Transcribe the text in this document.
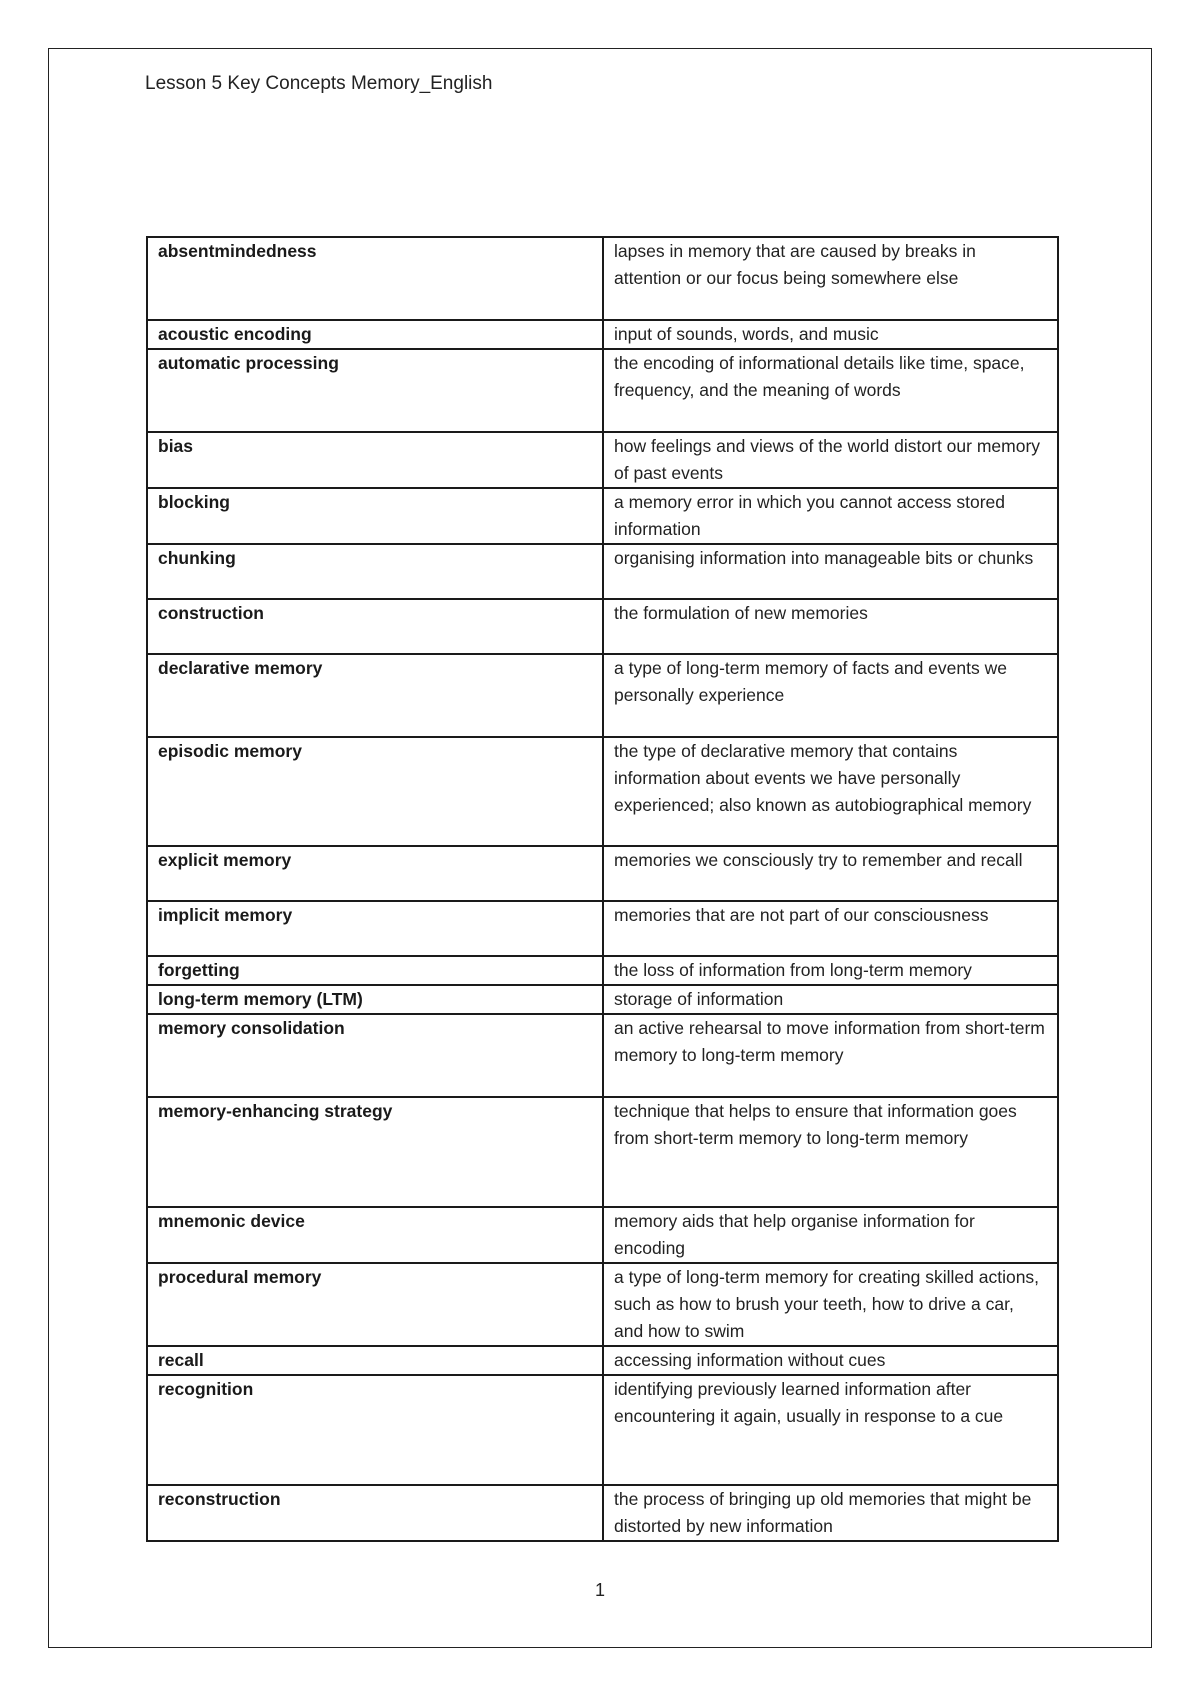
Lesson 5 Key Concepts Memory_English
absentmindedness	lapses in memory that are caused by breaks in attention or our focus being somewhere else
acoustic encoding	input of sounds, words, and music
automatic processing	the encoding of informational details like time, space, frequency, and the meaning of words
bias	how feelings and views of the world distort our memory of past events
blocking	a memory error in which you cannot access stored information
chunking	organising information into manageable bits or chunks
construction	the formulation of new memories
declarative memory	a type of long-term memory of facts and events we personally experience
episodic memory	the type of declarative memory that contains information about events we have personally experienced; also known as autobiographical memory
explicit memory	memories we consciously try to remember and recall
implicit memory	memories that are not part of our consciousness
forgetting	the loss of information from long-term memory
long-term memory (LTM)	storage of information
memory consolidation	an active rehearsal to move information from short-term memory to long-term memory
memory-enhancing strategy	technique that helps to ensure that information goes from short-term memory to long-term memory
mnemonic device	memory aids that help organise information for encoding
procedural memory	a type of long-term memory for creating skilled actions, such as how to brush your teeth, how to drive a car, and how to swim
recall	accessing information without cues
recognition	identifying previously learned information after encountering it again, usually in response to a cue
reconstruction	the process of bringing up old memories that might be distorted by new information
1
